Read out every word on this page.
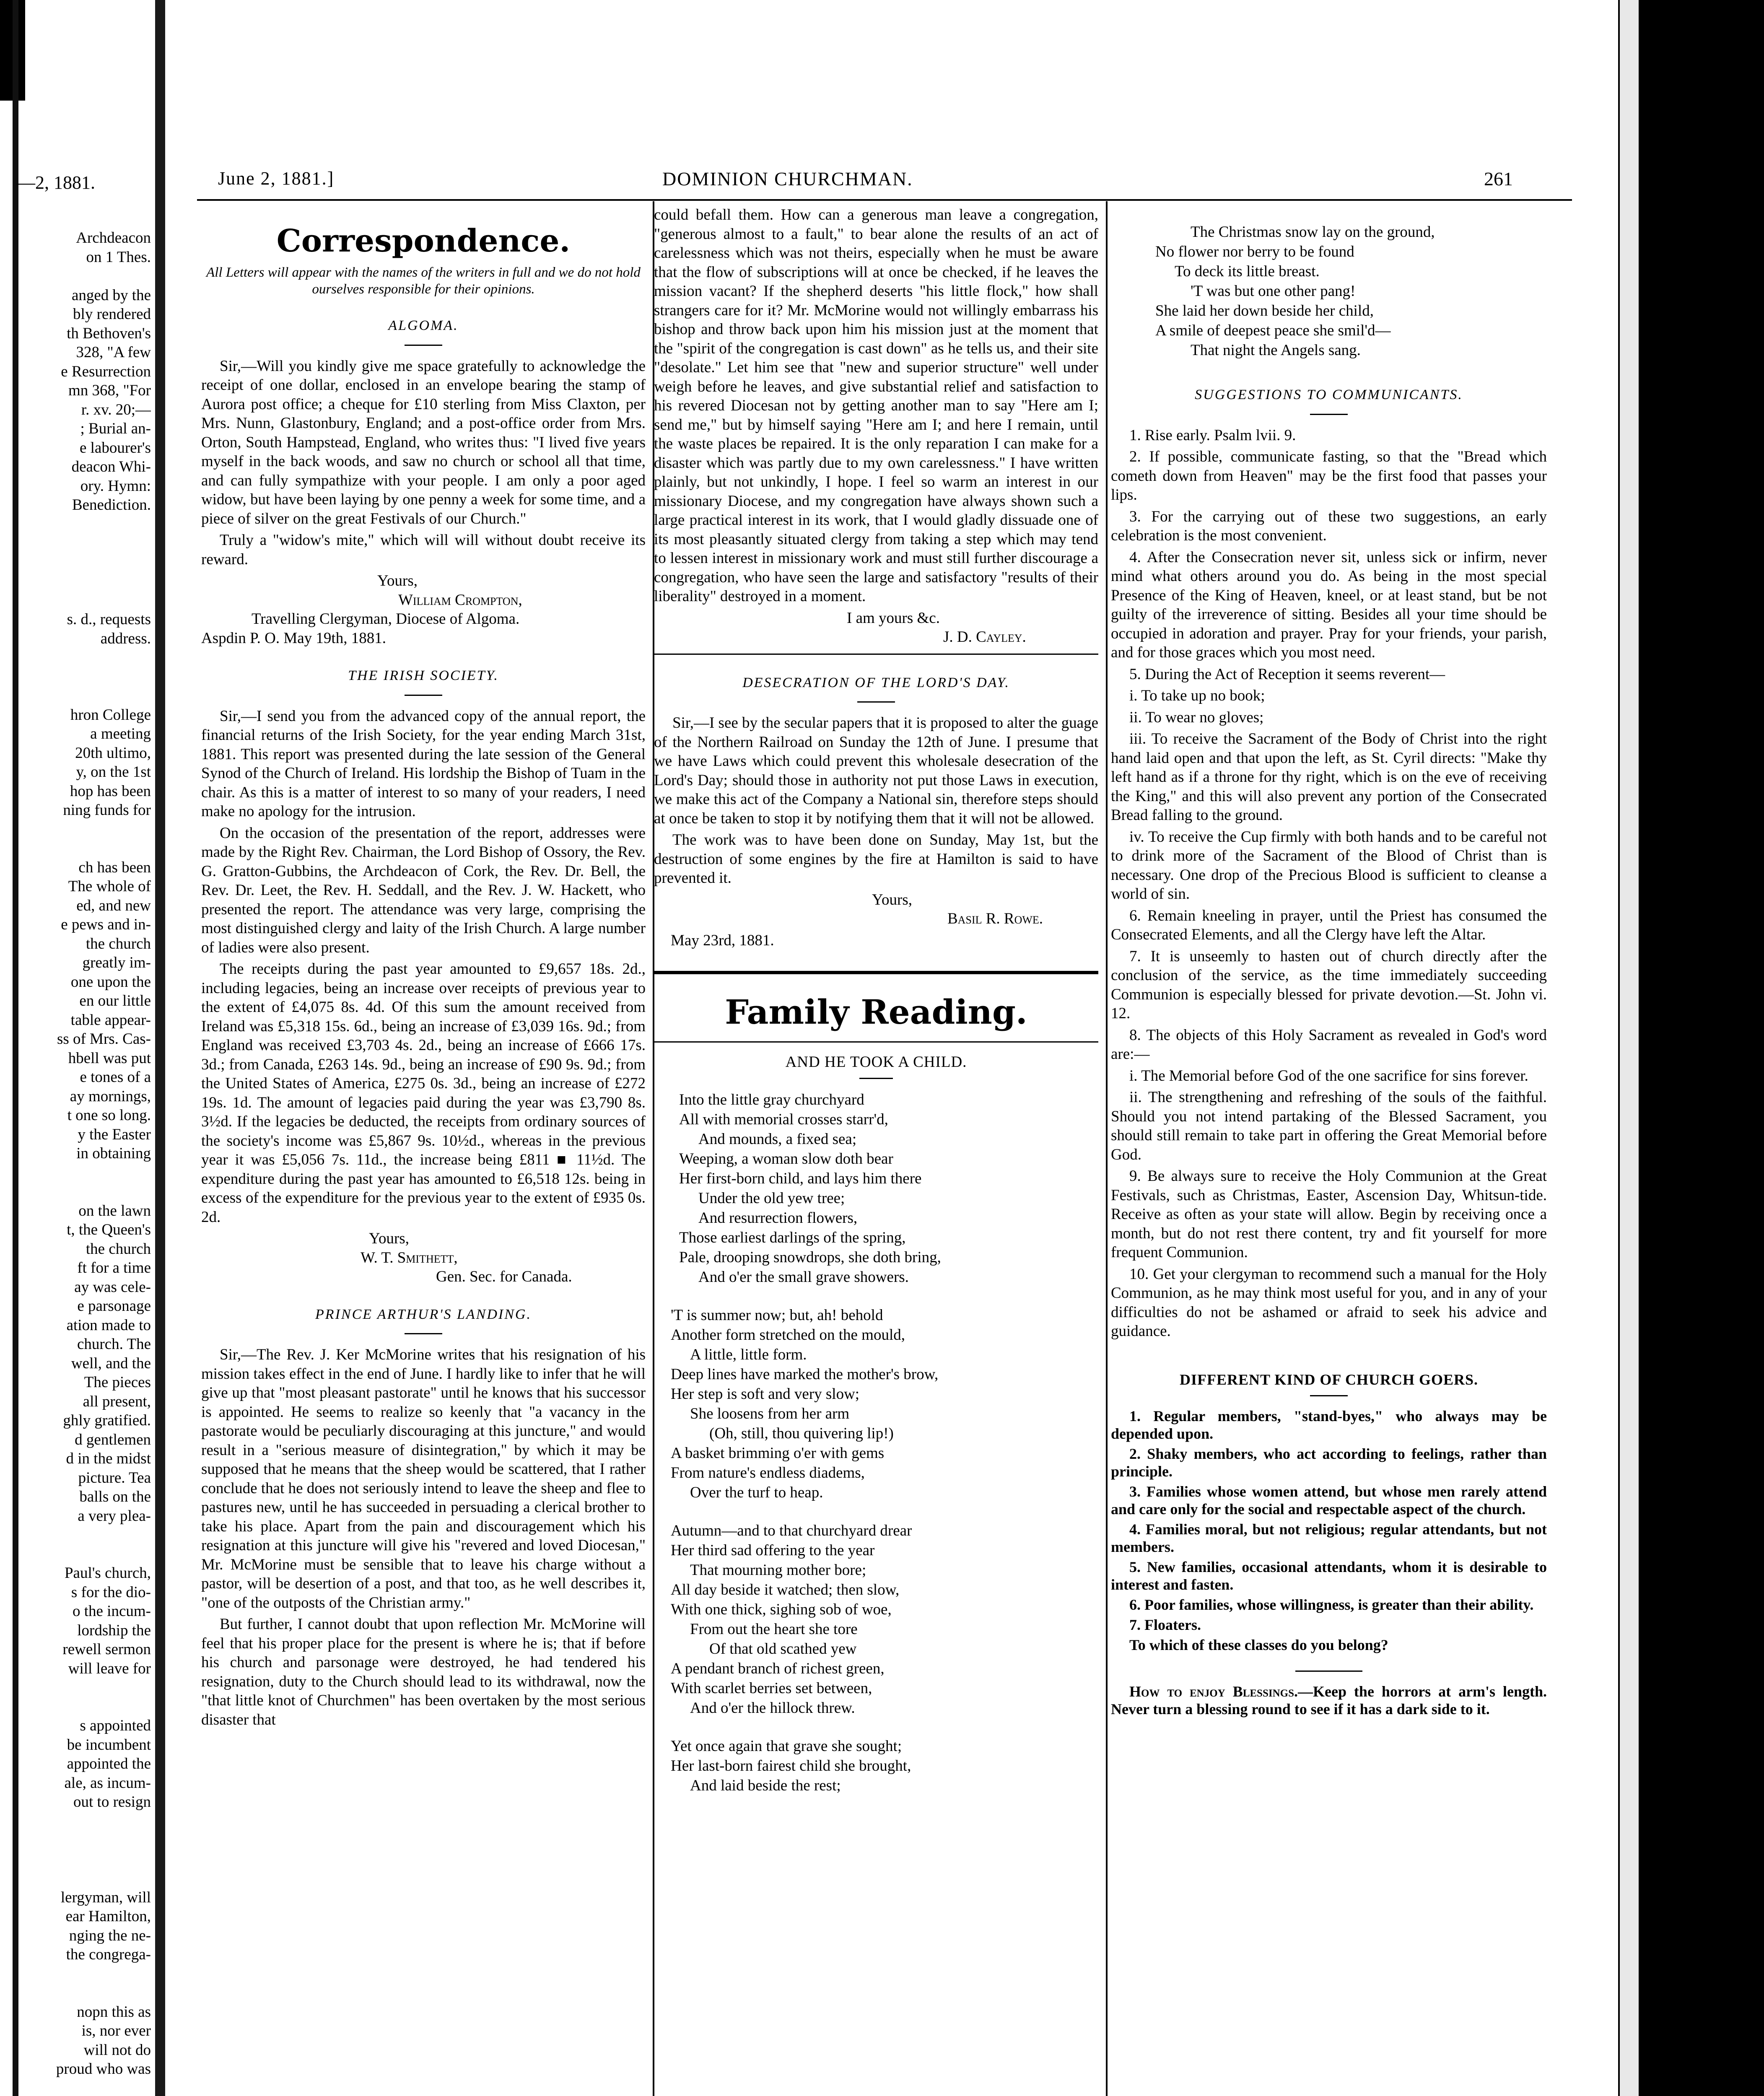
—2, 1881.
Archdeacon
on 1 Thes.
anged by the
bly rendered
th Bethoven's
328, "A few
e Resurrection
mn 368, "For
r. xv. 20;—
; Burial an-
e labourer's
deacon Whi-
ory. Hymn:
Benediction.
s. d., requests
address.
hron College
a meeting
20th ultimo,
y, on the 1st
hop has been
ning funds for
ch has been
The whole of
ed, and new
e pews and in-
the church
greatly im-
one upon the
en our little
table appear-
ss of Mrs. Cas-
hbell was put
e tones of a
ay mornings,
t one so long.
y the Easter
in obtaining
on the lawn
t, the Queen's
the church
ft for a time
ay was cele-
e parsonage
ation made to
church. The
well, and the
The pieces
all present,
ghly gratified.
d gentlemen
d in the midst
picture. Tea
balls on the
a very plea-
Paul's church,
s for the dio-
o the incum-
lordship the
rewell sermon
will leave for
s appointed
be incumbent
appointed the
ale, as incum-
out to resign
lergyman, will
ear Hamilton,
nging the ne-
the congrega-
nopn this as
is, nor ever
will not do
proud who was
June 2, 1881.]	DOMINION CHURCHMAN.	261
Correspondence.
All Letters will appear with the names of the writers in full and we do not hold ourselves responsible for their opinions.
ALGOMA.

Sir,—Will you kindly give me space gratefully to acknowledge the receipt of one dollar, enclosed in an envelope bearing the stamp of Aurora post office; a cheque for £10 sterling from Miss Claxton, per Mrs. Nunn, Glastonbury, England; and a post-office order from Mrs. Orton, South Hampstead, England, who writes thus: "I lived five years myself in the back woods, and saw no church or school all that time, and can fully sympathize with your people. I am only a poor aged widow, but have been laying by one penny a week for some time, and a piece of silver on the great Festivals of our Church."

Truly a "widow's mite," which will will without doubt receive its reward.

Yours,
William Crompton,
Travelling Clergyman, Diocese of Algoma.
Aspdin P. O. May 19th, 1881.
THE IRISH SOCIETY.

Sir,—I send you from the advanced copy of the annual report, the financial returns of the Irish Society, for the year ending March 31st, 1881. This report was presented during the late session of the General Synod of the Church of Ireland. His lordship the Bishop of Tuam in the chair. As this is a matter of interest to so many of your readers, I need make no apology for the intrusion.

On the occasion of the presentation of the report, addresses were made by the Right Rev. Chairman, the Lord Bishop of Ossory, the Rev. G. Gratton-Gubbins, the Archdeacon of Cork, the Rev. Dr. Bell, the Rev. Dr. Leet, the Rev. H. Seddall, and the Rev. J. W. Hackett, who presented the report. The attendance was very large, comprising the most distinguished clergy and laity of the Irish Church. A large number of ladies were also present.

The receipts during the past year amounted to £9,657 18s. 2d., including legacies, being an increase over receipts of previous year to the extent of £4,075 8s. 4d. Of this sum the amount received from Ireland was £5,318 15s. 6d., being an increase of £3,039 16s. 9d.; from England was received £3,703 4s. 2d., being an increase of £666 17s. 3d.; from Canada, £263 14s. 9d., being an increase of £90 9s. 9d.; from the United States of America, £275 0s. 3d., being an increase of £272 19s. 1d. The amount of legacies paid during the year was £3,790 8s. 3½d. If the legacies be deducted, the receipts from ordinary sources of the society's income was £5,867 9s. 10½d., whereas in the previous year it was £5,056 7s. 11d., the increase being £811 ■ 11½d. The expenditure during the past year has amounted to £6,518 12s. being in excess of the expenditure for the previous year to the extent of £935 0s. 2d.

Yours,
W. T. Smithett,
Gen. Sec. for Canada.
PRINCE ARTHUR'S LANDING.

Sir,—The Rev. J. Ker McMorine writes that his resignation of his mission takes effect in the end of June. I hardly like to infer that he will give up that "most pleasant pastorate" until he knows that his successor is appointed. He seems to realize so keenly that "a vacancy in the pastorate would be peculiarly discouraging at this juncture," and would result in a "serious measure of disintegration," by which it may be supposed that he means that the sheep would be scattered, that I rather conclude that he does not seriously intend to leave the sheep and flee to pastures new, until he has succeeded in persuading a clerical brother to take his place. Apart from the pain and discouragement which his resignation at this juncture will give his "revered and loved Diocesan," Mr. McMorine must be sensible that to leave his charge without a pastor, will be desertion of a post, and that too, as he well describes it, "one of the outposts of the Christian army."

But further, I cannot doubt that upon reflection Mr. McMorine will feel that his proper place for the present is where he is; that if before his church and parsonage were destroyed, he had tendered his resignation, duty to the Church should lead to its withdrawal, now the "that little knot of Churchmen" has been overtaken by the most serious disaster that

could befall them. How can a generous man leave a congregation, "generous almost to a fault," to bear alone the results of an act of carelessness which was not theirs, especially when he must be aware that the flow of subscriptions will at once be checked, if he leaves the mission vacant? If the shepherd deserts "his little flock," how shall strangers care for it? Mr. McMorine would not willingly embarrass his bishop and throw back upon him his mission just at the moment that the "spirit of the congregation is cast down" as he tells us, and their site "desolate." Let him see that "new and superior structure" well under weigh before he leaves, and give substantial relief and satisfaction to his revered Diocesan not by getting another man to say "Here am I; send me," but by himself saying "Here am I; and here I remain, until the waste places be repaired. It is the only reparation I can make for a disaster which was partly due to my own carelessness." I have written plainly, but not unkindly, I hope. I feel so warm an interest in our missionary Diocese, and my congregation have always shown such a large practical interest in its work, that I would gladly dissuade one of its most pleasantly situated clergy from taking a step which may tend to lessen interest in missionary work and must still further discourage a congregation, who have seen the large and satisfactory "results of their liberality" destroyed in a moment.

I am yours &c.
J. D. Cayley.
DESECRATION OF THE LORD'S DAY.

Sir,—I see by the secular papers that it is proposed to alter the guage of the Northern Railroad on Sunday the 12th of June. I presume that we have Laws which could prevent this wholesale desecration of the Lord's Day; should those in authority not put those Laws in execution, we make this act of the Company a National sin, therefore steps should at once be taken to stop it by notifying them that it will not be allowed.

The work was to have been done on Sunday, May 1st, but the destruction of some engines by the fire at Hamilton is said to have prevented it.

Yours,
Basil R. Rowe.
May 23rd, 1881.
Family Reading.
AND HE TOOK A CHILD.
Into the little gray churchyard
All with memorial crosses starr'd,
And mounds, a fixed sea;
Weeping, a woman slow doth bear
Her first-born child, and lays him there
Under the old yew tree;
And resurrection flowers,
Those earliest darlings of the spring,
Pale, drooping snowdrops, she doth bring,
And o'er the small grave showers.
'T is summer now; but, ah! behold
Another form stretched on the mould,
A little, little form.
Deep lines have marked the mother's brow,
Her step is soft and very slow;
She loosens from her arm
(Oh, still, thou quivering lip!)
A basket brimming o'er with gems
From nature's endless diadems,
Over the turf to heap.
Autumn—and to that churchyard drear
Her third sad offering to the year
That mourning mother bore;
All day beside it watched; then slow,
With one thick, sighing sob of woe,
From out the heart she tore
Of that old scathed yew
A pendant branch of richest green,
With scarlet berries set between,
And o'er the hillock threw.
Yet once again that grave she sought;
Her last-born fairest child she brought,
And laid beside the rest;
The Christmas snow lay on the ground,
No flower nor berry to be found
To deck its little breast.
'T was but one other pang!
She laid her down beside her child,
A smile of deepest peace she smil'd—
That night the Angels sang.
SUGGESTIONS TO COMMUNICANTS.

1. Rise early. Psalm lvii. 9.

2. If possible, communicate fasting, so that the "Bread which cometh down from Heaven" may be the first food that passes your lips.

3. For the carrying out of these two suggestions, an early celebration is the most convenient.

4. After the Consecration never sit, unless sick or infirm, never mind what others around you do. As being in the most special Presence of the King of Heaven, kneel, or at least stand, but be not guilty of the irreverence of sitting. Besides all your time should be occupied in adoration and prayer. Pray for your friends, your parish, and for those graces which you most need.

5. During the Act of Reception it seems reverent—

i. To take up no book;

ii. To wear no gloves;

iii. To receive the Sacrament of the Body of Christ into the right hand laid open and that upon the left, as St. Cyril directs: "Make thy left hand as if a throne for thy right, which is on the eve of receiving the King," and this will also prevent any portion of the Consecrated Bread falling to the ground.

iv. To receive the Cup firmly with both hands and to be careful not to drink more of the Sacrament of the Blood of Christ than is necessary. One drop of the Precious Blood is sufficient to cleanse a world of sin.

6. Remain kneeling in prayer, until the Priest has consumed the Consecrated Elements, and all the Clergy have left the Altar.

7. It is unseemly to hasten out of church directly after the conclusion of the service, as the time immediately succeeding Communion is especially blessed for private devotion.—St. John vi. 12.

8. The objects of this Holy Sacrament as revealed in God's word are:—

i. The Memorial before God of the one sacrifice for sins forever.

ii. The strengthening and refreshing of the souls of the faithful. Should you not intend partaking of the Blessed Sacrament, you should still remain to take part in offering the Great Memorial before God.

9. Be always sure to receive the Holy Communion at the Great Festivals, such as Christmas, Easter, Ascension Day, Whitsun-tide. Receive as often as your state will allow. Begin by receiving once a month, but do not rest there content, try and fit yourself for more frequent Communion.

10. Get your clergyman to recommend such a manual for the Holy Communion, as he may think most useful for you, and in any of your difficulties do not be ashamed or afraid to seek his advice and guidance.

DIFFERENT KIND OF CHURCH GOERS.

1. Regular members, "stand-byes," who always may be depended upon.

2. Shaky members, who act according to feelings, rather than principle.

3. Families whose women attend, but whose men rarely attend and care only for the social and respectable aspect of the church.

4. Families moral, but not religious; regular attendants, but not members.

5. New families, occasional attendants, whom it is desirable to interest and fasten.

6. Poor families, whose willingness, is greater than their ability.

7. Floaters.

To which of these classes do you belong?

How to enjoy Blessings.—Keep the horrors at arm's length. Never turn a blessing round to see if it has a dark side to it.
